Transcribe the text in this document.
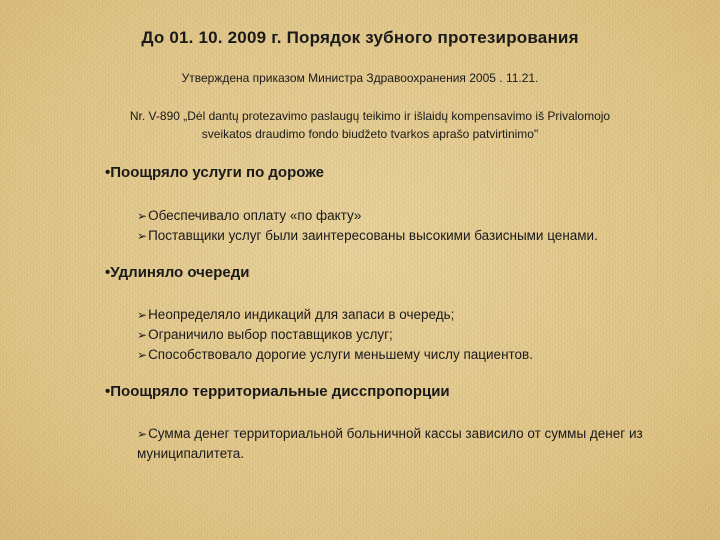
До 01. 10. 2009 г. Порядок зубного протезирования
Утверждена приказом Министра Здравоохранения 2005 . 11.21.
Nr. V-890 „Dėl dantų protezavimo paslaugų teikimo ir išlaidų kompensavimo iš Privalomojo sveikatos draudimo fondo biudžeto tvarkos aprašo patvirtinimo"
•Поощряло услуги по дороже
➢Обеспечивало оплату «по факту»
➢Поставщики услуг были заинтересованы высокими базисными ценами.
•Удлиняло очереди
➢Неопределяло индикаций для запаси в очередь;
➢Ограничило выбор поставщиков услуг;
➢Способствовало дорогие услуги меньшему числу пациентов.
•Поощряло территориальные дисспропорции
➢Сумма денег территориальной больничной кассы зависило от суммы денег из муниципалитета.
